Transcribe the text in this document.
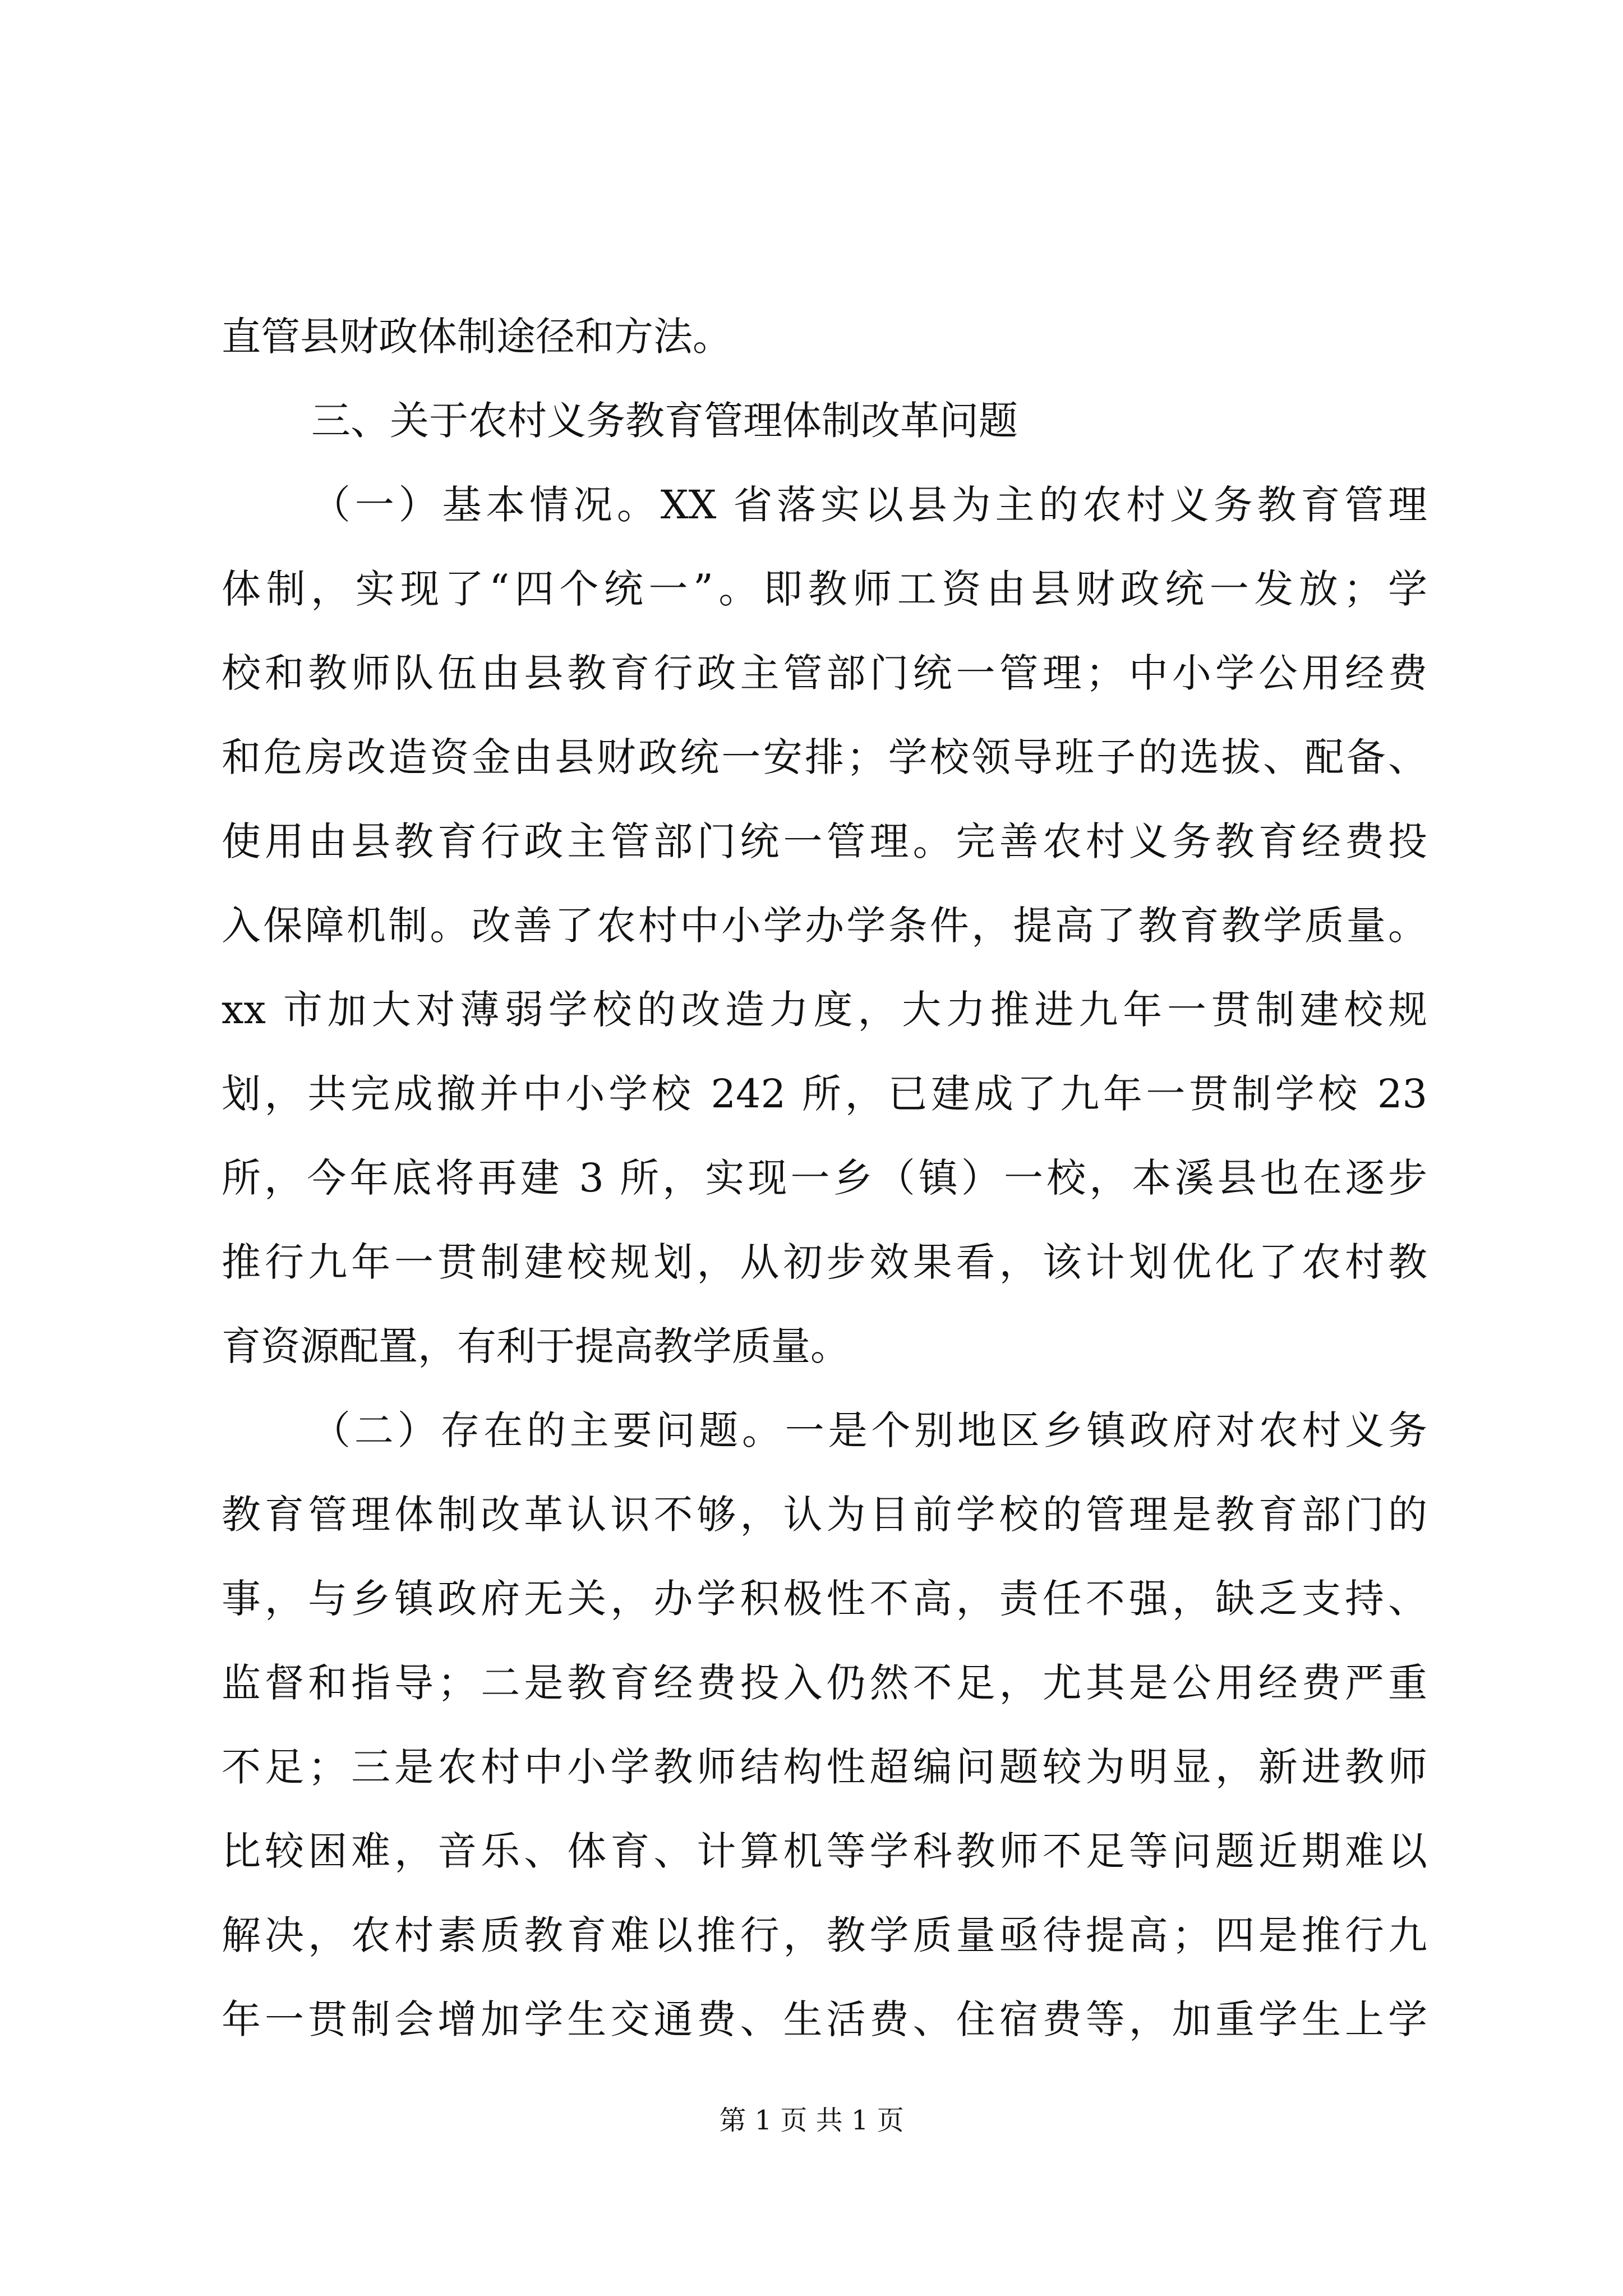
直管县财政体制途径和方法。
三、关于农村义务教育管理体制改革问题
（一）基本情况。XX 省落实以县为主的农村义务教育管理
体制，实现了“四个统一”。即教师工资由县财政统一发放；学
校和教师队伍由县教育行政主管部门统一管理；中小学公用经费
和危房改造资金由县财政统一安排；学校领导班子的选拔、配备、
使用由县教育行政主管部门统一管理。完善农村义务教育经费投
入保障机制。改善了农村中小学办学条件，提高了教育教学质量。
xx 市加大对薄弱学校的改造力度，大力推进九年一贯制建校规
划，共完成撤并中小学校 242 所，已建成了九年一贯制学校 23
所，今年底将再建 3 所，实现一乡（镇）一校，本溪县也在逐步
推行九年一贯制建校规划，从初步效果看，该计划优化了农村教
育资源配置，有利于提高教学质量。
（二）存在的主要问题。一是个别地区乡镇政府对农村义务
教育管理体制改革认识不够，认为目前学校的管理是教育部门的
事，与乡镇政府无关，办学积极性不高，责任不强，缺乏支持、
监督和指导；二是教育经费投入仍然不足，尤其是公用经费严重
不足；三是农村中小学教师结构性超编问题较为明显，新进教师
比较困难，音乐、体育、计算机等学科教师不足等问题近期难以
解决，农村素质教育难以推行，教学质量亟待提高；四是推行九
年一贯制会增加学生交通费、生活费、住宿费等，加重学生上学
第 1 页 共 1 页
